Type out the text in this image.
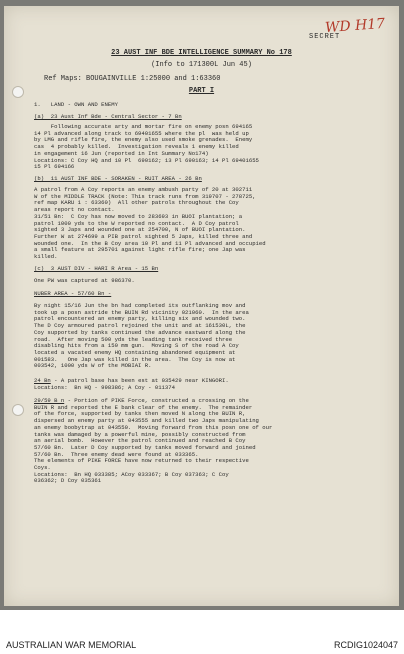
WD H17
SECRET
23 AUST INF BDE INTELLIGENCE SUMMARY No 178
(Info to 171300L Jun 45)
Ref Maps: BOUGAINVILLE 1:25000 and 1:63360
PART I
1.   LAND - OWN AND ENEMY
(a)  23 Aust Inf Bde - Central Sector - 7 Bn
Following accurate arty and mortar fire on enemy posn 694165
14 Pl advanced along track to 69401655 where the pl  was held up
by LMG and rifle fire, the enemy also used smoke grenades.  Enemy
cas  4 probably killed.  Investigation reveals 1 enemy killed
in engagement 16 Jun (reported in Int Summary No174)
Locations: C Coy HQ and 10 Pl  690162; 13 Pl 690163; 14 Pl 69401655
15 Pl 694166
(b)  11 AUST INF BDE - SORAKEN - RUIT AREA - 26 Bn
A patrol from A Coy reports an enemy ambush party of 20 at 302711
W of the MIDDLE TRACK (Note: This track runs from 319707 - 278725,
ref map KARU 1 : 63360)  All other patrols throughout the Coy
areas report no contact.
31/51 Bn:  C Coy has now moved to 283693 in BUOI plantation; a
patrol 1000 yds to the W reported no contact.  A D Coy patrol
sighted 3 Japs and wounded one at 254700, N of BUOI plantation.
Further W at 274699 a PIB patrol sighted 5 Japs, killed three and
wounded one.  In the B Coy area 10 Pl and 11 Pl advanced and occupied
a small feature at 295701 against light rifle fire; one Jap was
killed.
(c)  3 AUST DIV - HARI R Area - 15 Bn
One PW was captured at 986370.
NUBER AREA - 57/60 Bn -
By night 15/16 Jun the bn had completed its outflanking mov and
took up a posn astride the BUIN Rd vicinity 021060.  In the area
patrol encountered an enemy party, killing six and wounded two.
The D Coy armoured patrol rejoined the unit and at 161530L, the
Coy supported by tanks continued the advance eastward along the
road.  After moving 500 yds the leading tank received three
disabling hits from a 150 mm gun.  Moving S of the road A Coy
located a vacated enemy HQ containing abandoned equipment at
001583.   One Jap was killed in the area.  The Coy is now at
003542, 1000 yds W of the MOBIAI R.
24 Bn - A patrol base has been est at 035429 near KINGORI.
Locations:  Bn HQ - 998386; A Coy - 011374
29/59 B n - Portion of PIKE Force, constructed a crossing on the
BUIN R and reported the E bank clear of the enemy.  The remainder
of the force, supported by tanks then moved N along the BUIN R,
dispersed an enemy party at 043555 and killed two Japs manipulating
an enemy boobytrap at 043550.  Moving forward from this posn one of our
tanks was damaged by a powerful mine, possibly constructed from
an aerial bomb.  However the patrol continued and reached B Coy
57/60 Bn.  Later D Coy supported by tanks moved forward and joined
57/60 Bn.  Three enemy dead were found at 033365.
The elements of PIKE FORCE have now returned to their respective
Coys.
Locations:  Bn HQ 033385; ACoy 033367; B Coy 037363; C Coy
036362; D Coy 035361
AUSTRALIAN WAR MEMORIAL	RCDIG1024047
